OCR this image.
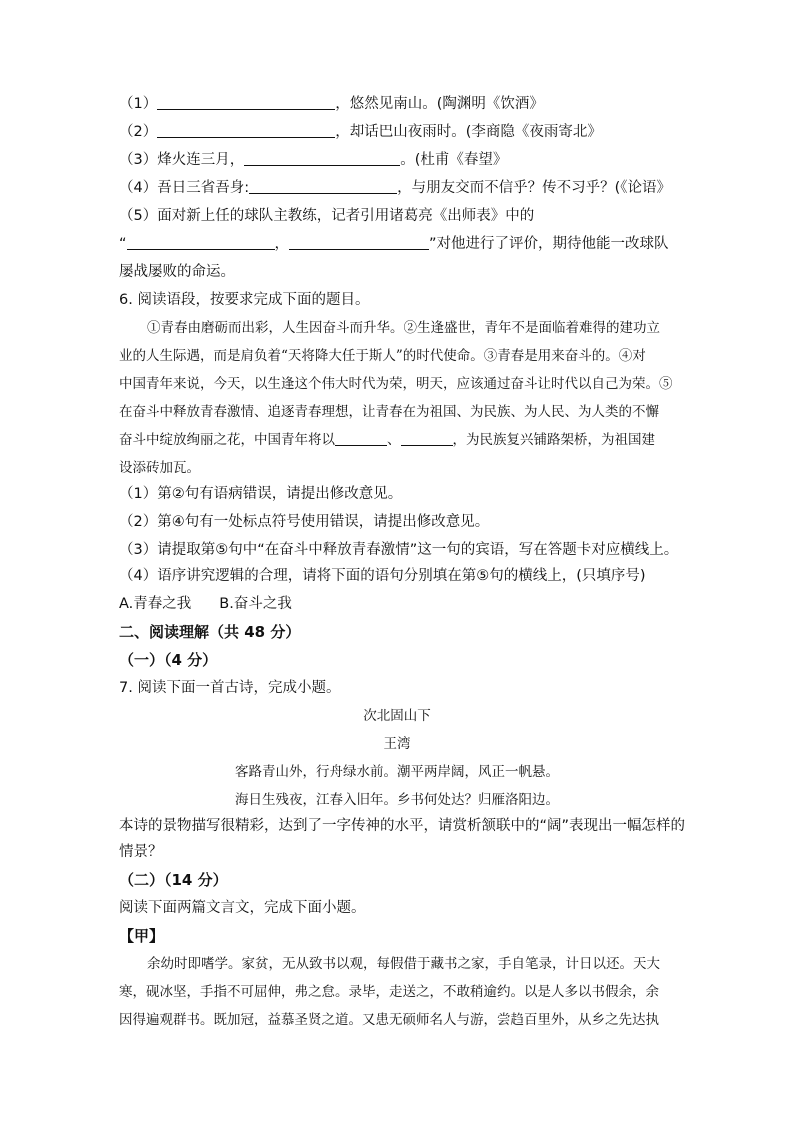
（1）	，悠然见南山。(陶渊明《饮酒》
（2）	，却话巴山夜雨时。(李商隐《夜雨寄北》
（3）烽火连三月，	。(杜甫《春望》
（4）吾日三省吾身:	，与朋友交而不信乎？传不习乎？(《论语》
（5）面对新上任的球队主教练，记者引用诸葛亮《出师表》中的
“	，	”对他进行了评价，期待他能一改球队
屡战屡败的命运。
6. 阅读语段，按要求完成下面的题目。
①青春由磨砺而出彩，人生因奋斗而升华。②生逢盛世，青年不是面临着难得的建功立
业的人生际遇，而是肩负着“天将降大任于斯人”的时代使命。③青春是用来奋斗的。④对
中国青年来说，今天，以生逢这个伟大时代为荣，明天，应该通过奋斗让时代以自己为荣。⑤
在奋斗中释放青春激情、追逐青春理想，让青春在为祖国、为民族、为人民、为人类的不懈
奋斗中绽放绚丽之花，中国青年将以	、	，为民族复兴铺路架桥，为祖国建
设添砖加瓦。
（1）第②句有语病错误，请提出修改意见。
（2）第④句有一处标点符号使用错误，请提出修改意见。
（3）请提取第⑤句中“在奋斗中释放青春激情”这一句的宾语，写在答题卡对应横线上。
（4）语序讲究逻辑的合理，请将下面的语句分别填在第⑤句的横线上，(只填序号)
A.青春之我 B.奋斗之我
二、阅读理解（共 48 分）
（一）（4 分）
7. 阅读下面一首古诗，完成小题。
次北固山下
王湾
客路青山外，行舟绿水前。潮平两岸阔，风正一帆悬。
海日生残夜，江春入旧年。乡书何处达？归雁洛阳边。
本诗的景物描写很精彩，达到了一字传神的水平，请赏析颔联中的“阔”表现出一幅怎样的
情景？
（二）（14 分）
阅读下面两篇文言文，完成下面小题。
【甲】
余幼时即嗜学。家贫，无从致书以观，每假借于藏书之家，手自笔录，计日以还。天大
寒，砚冰坚，手指不可屈伸，弗之怠。录毕，走送之，不敢稍逾约。以是人多以书假余，余
因得遍观群书。既加冠，益慕圣贤之道。又患无硕师名人与游，尝趋百里外，从乡之先达执
